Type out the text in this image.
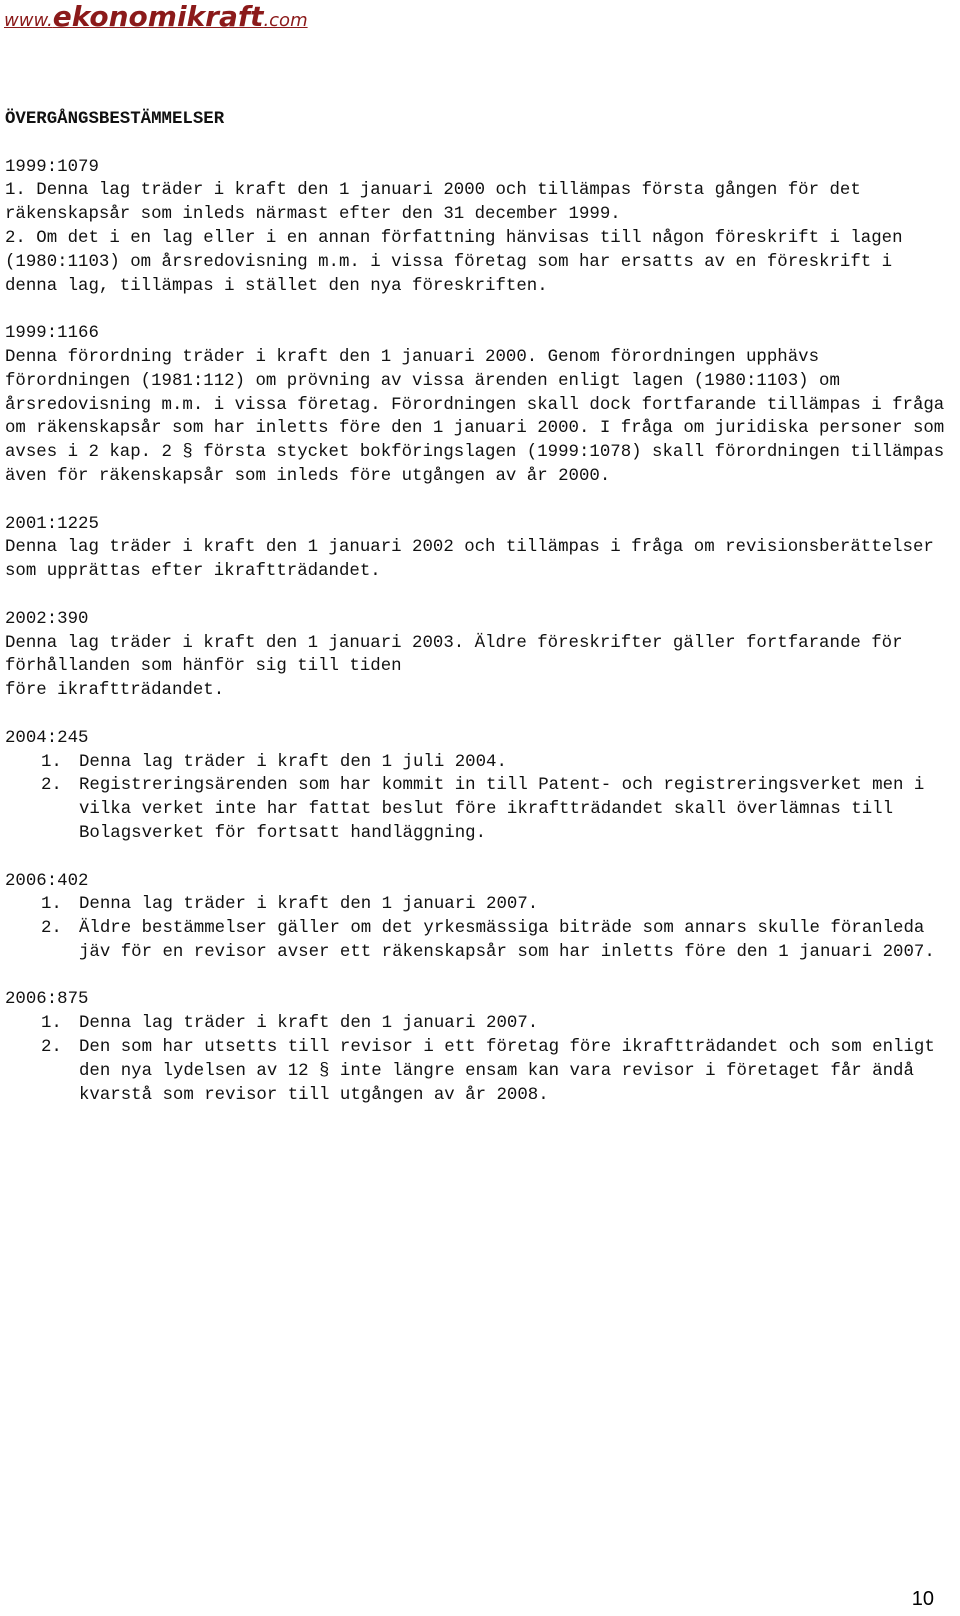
www.ekonomikraft.com
ÖVERGÅNGSBESTÄMMELSER
1999:1079
1. Denna lag träder i kraft den 1 januari 2000 och tillämpas första gången för det räkenskapsår som inleds närmast efter den 31 december 1999.
2. Om det i en lag eller i en annan författning hänvisas till någon föreskrift i lagen (1980:1103) om årsredovisning m.m. i vissa företag som har ersatts av en föreskrift i denna lag, tillämpas i stället den nya föreskriften.
1999:1166
Denna förordning träder i kraft den 1 januari 2000. Genom förordningen upphävs förordningen (1981:112) om prövning av vissa ärenden enligt lagen (1980:1103) om årsredovisning m.m. i vissa företag. Förordningen skall dock fortfarande tillämpas i fråga om räkenskapsår som har inletts före den 1 januari 2000. I fråga om juridiska personer som avses i 2 kap. 2 § första stycket bokföringslagen (1999:1078) skall förordningen tillämpas även för räkenskapsår som inleds före utgången av år 2000.
2001:1225
Denna lag träder i kraft den 1 januari 2002 och tillämpas i fråga om revisionsberättelser som upprättas efter ikraftträdandet.
2002:390
Denna lag träder i kraft den 1 januari 2003. Äldre föreskrifter gäller fortfarande för förhållanden som hänför sig till tiden
före ikraftträdandet.
2004:245
1. Denna lag träder i kraft den 1 juli 2004.
2. Registreringsärenden som har kommit in till Patent- och registreringsverket men i vilka verket inte har fattat beslut före ikraftträdandet skall överlämnas till Bolagsverket för fortsatt handläggning.
2006:402
1. Denna lag träder i kraft den 1 januari 2007.
2. Äldre bestämmelser gäller om det yrkesmässiga biträde som annars skulle föranleda jäv för en revisor avser ett räkenskapsår som har inletts före den 1 januari 2007.
2006:875
1. Denna lag träder i kraft den 1 januari 2007.
2. Den som har utsetts till revisor i ett företag före ikraftträdandet och som enligt den nya lydelsen av 12 § inte längre ensam kan vara revisor i företaget får ändå kvarstå som revisor till utgången av år 2008.
10
